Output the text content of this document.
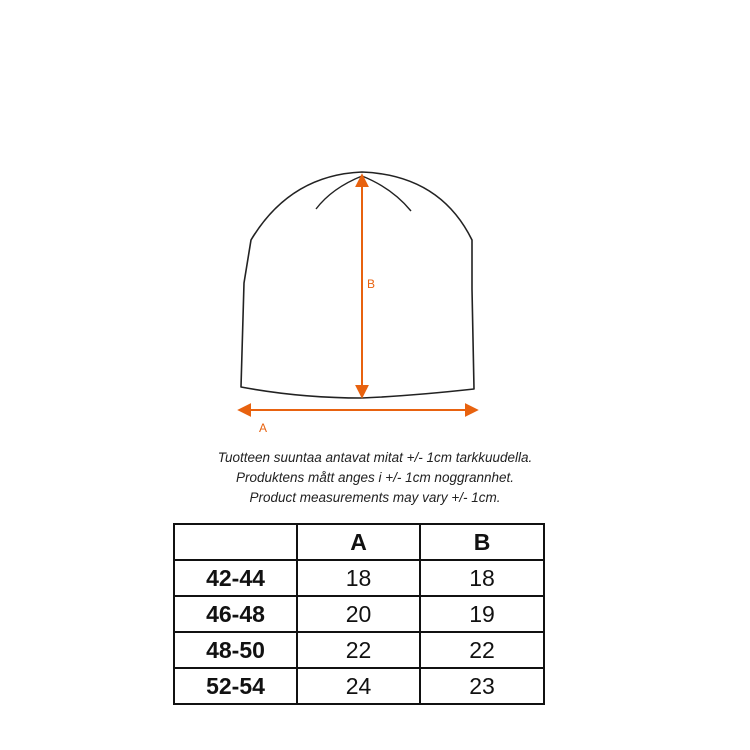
B
A
Tuotteen suuntaa antavat mitat +/- 1cm tarkkuudella.
Produktens mått anges i +/- 1cm noggrannhet.
Product measurements may vary +/- 1cm.
	A	B
42-44	18	18
46-48	20	19
48-50	22	22
52-54	24	23
